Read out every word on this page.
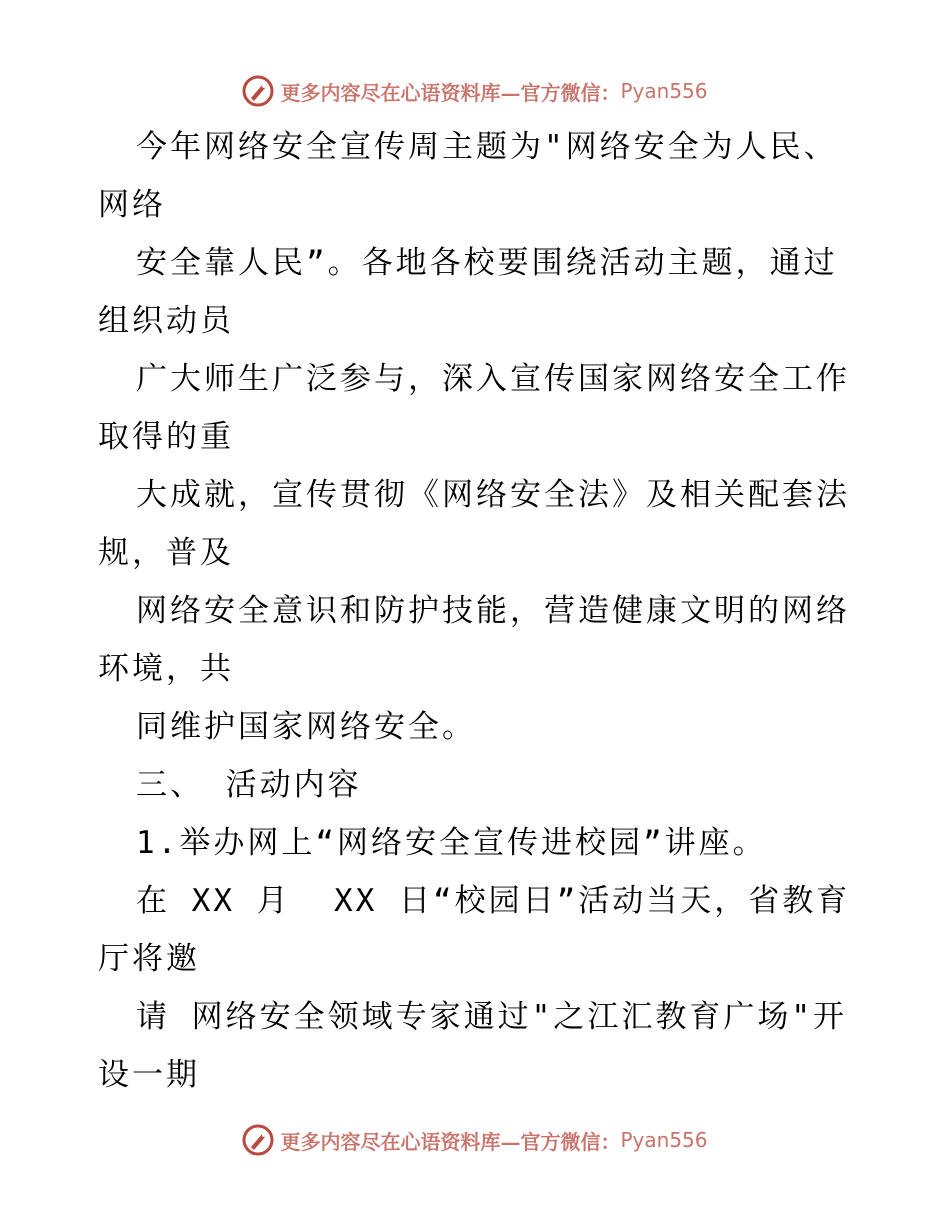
更多内容尽在心语资料库—官方微信： Pyan556
今年网络安全宣传周主题为"网络安全为人民、
网络
安全靠人民”。各地各校要围绕活动主题，通过
组织动员
广大师生广泛参与，深入宣传国家网络安全工作
取得的重
大成就，宣传贯彻《网络安全法》及相关配套法
规，普及
网络安全意识和防护技能，营造健康文明的网络
环境，共
同维护国家网络安全。
三、 活动内容
1.举办网上“网络安全宣传进校园”讲座。
在 XX 月  XX 日“校园日”活动当天，省教育
厅将邀
请 网络安全领域专家通过"之江汇教育广场"开
设一期
更多内容尽在心语资料库—官方微信： Pyan556
